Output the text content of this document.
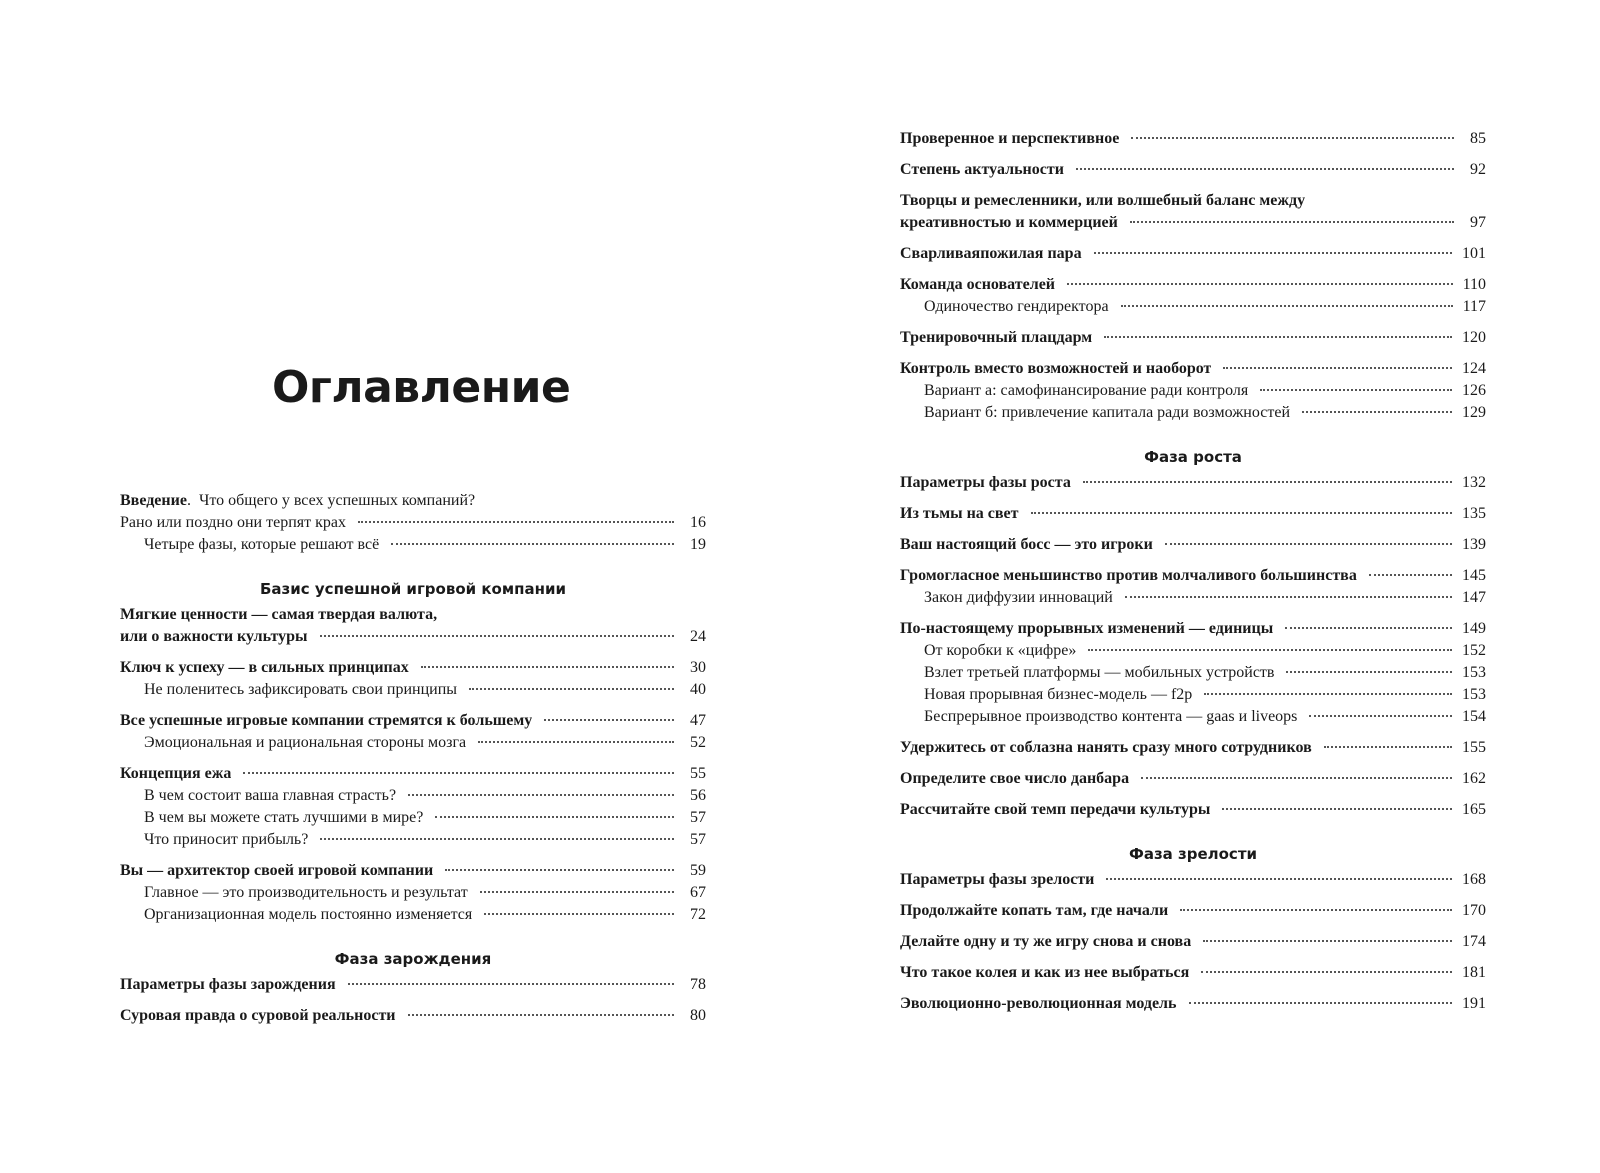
Оглавление
Введение.  Что общего у всех успешных компаний?
Рано или поздно они терпят крах	16
Четыре фазы, которые решают всё	19
Базис успешной игровой компании
Мягкие ценности — самая твердая валюта,
или о важности культуры	24
Ключ к успеху — в сильных принципах	30
Не поленитесь зафиксировать свои принципы	40
Все успешные игровые компании стремятся к большему	47
Эмоциональная и рациональная стороны мозга	52
Концепция ежа	55
В чем состоит ваша главная страсть?	56
В чем вы можете стать лучшими в мире?	57
Что приносит прибыль?	57
Вы — архитектор своей игровой компании	59
Главное — это производительность и результат	67
Организационная модель постоянно изменяется	72
Фаза зарождения
Параметры фазы зарождения	78
Суровая правда о суровой реальности	80
Проверенное и перспективное	85
Степень актуальности	92
Творцы и ремесленники, или волшебный баланс между
креативностью и коммерцией	97
Сварливаяпожилая пара	101
Команда основателей	110
Одиночество гендиректора	117
Тренировочный плацдарм	120
Контроль вместо возможностей и наоборот	124
Вариант а: самофинансирование ради контроля	126
Вариант б: привлечение капитала ради возможностей	129
Фаза роста
Параметры фазы роста	132
Из тьмы на свет	135
Ваш настоящий босс — это игроки	139
Громогласное меньшинство против молчаливого большинства	145
Закон диффузии инноваций	147
По-настоящему прорывных изменений — единицы	149
От коробки к «цифре»	152
Взлет третьей платформы — мобильных устройств	153
Новая прорывная бизнес-модель — f2p	153
Беспрерывное производство контента — gaas и liveops	154
Удержитесь от соблазна нанять сразу много сотрудников	155
Определите свое число данбара	162
Рассчитайте свой темп передачи культуры	165
Фаза зрелости
Параметры фазы зрелости	168
Продолжайте копать там, где начали	170
Делайте одну и ту же игру снова и снова	174
Что такое колея и как из нее выбраться	181
Эволюционно-революционная модель	191
